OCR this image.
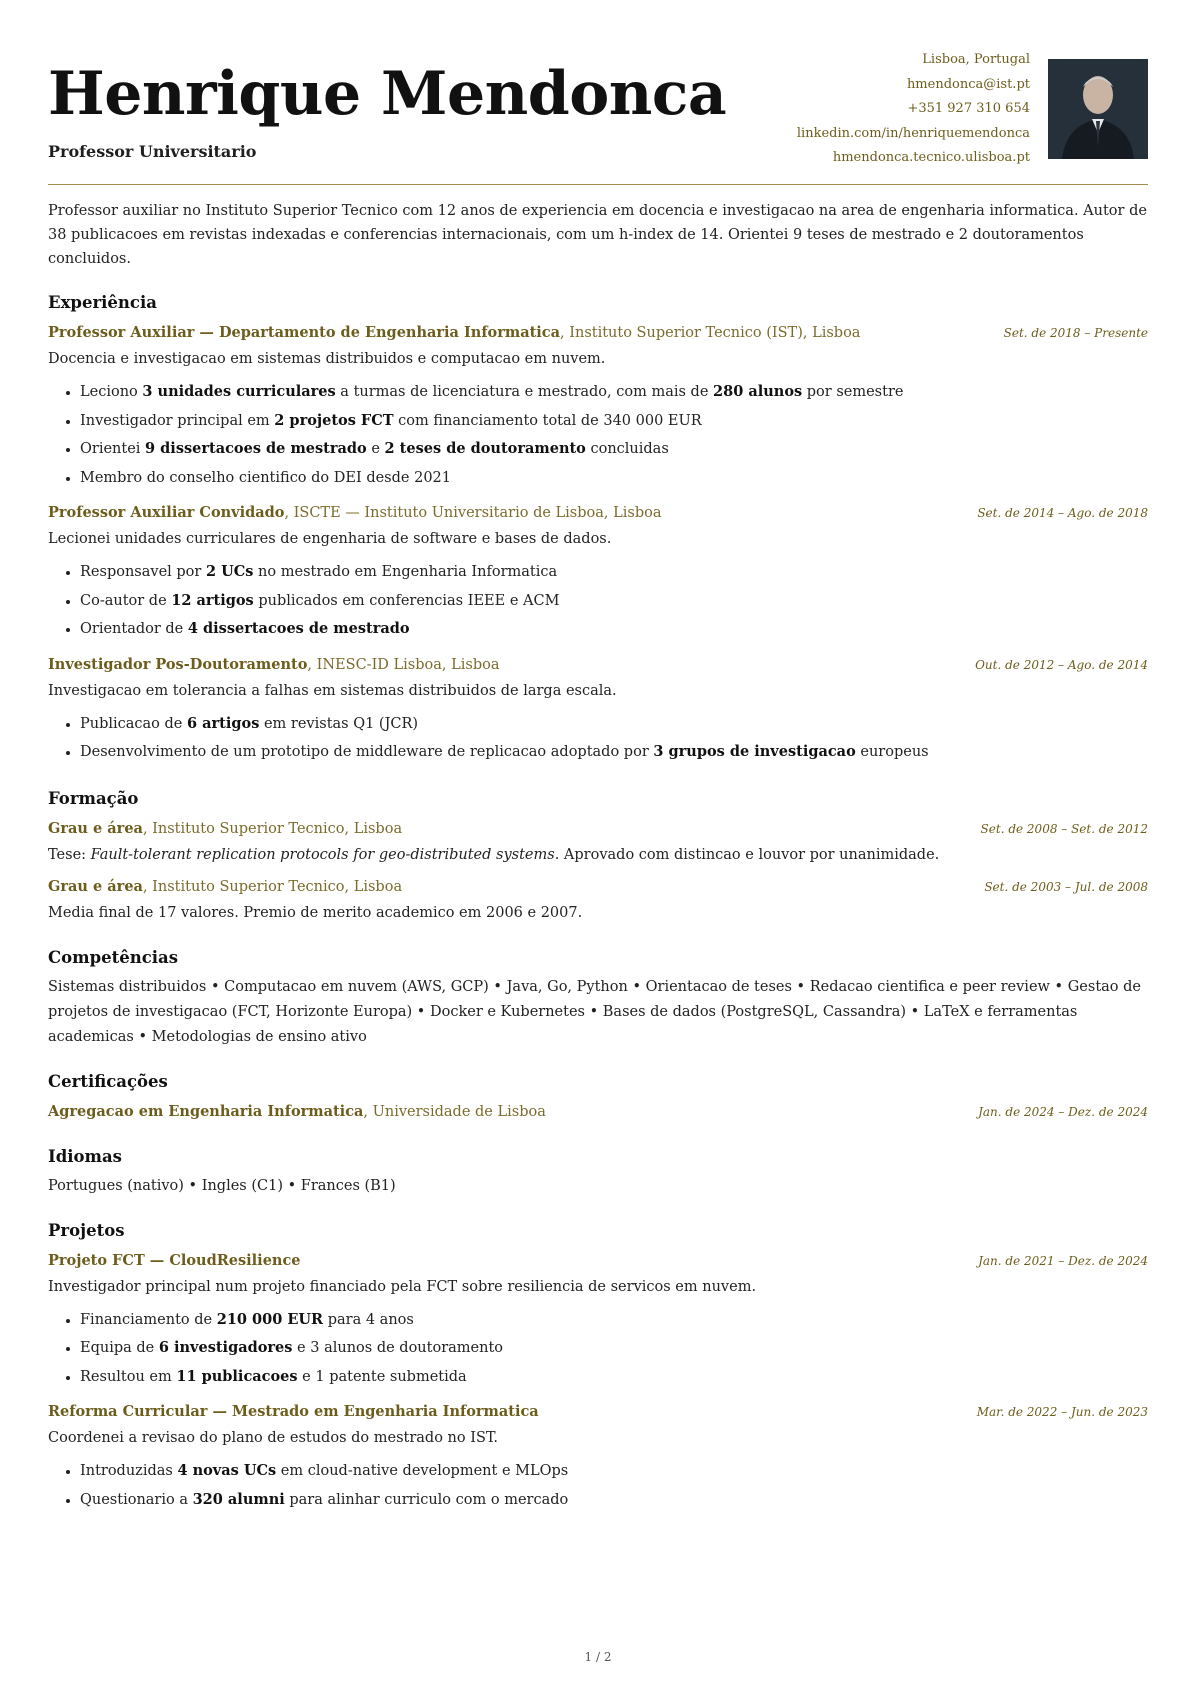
Henrique Mendonca
Professor Universitario
Lisboa, Portugal
hmendonca@ist.pt
+351 927 310 654
linkedin.com/in/henriquemendonca
hmendonca.tecnico.ulisboa.pt

Professor auxiliar no Instituto Superior Tecnico com 12 anos de experiencia em docencia e investigacao na area de engenharia informatica. Autor de 38 publicacoes em revistas indexadas e conferencias internacionais, com um h-index de 14. Orientei 9 teses de mestrado e 2 doutoramentos concluidos.

Experiência
Professor Auxiliar — Departamento de Engenharia Informatica, Instituto Superior Tecnico (IST), Lisboa	Set. de 2018 – Presente

Docencia e investigacao em sistemas distribuidos e computacao em nuvem.

• Leciono 3 unidades curriculares a turmas de licenciatura e mestrado, com mais de 280 alunos por semestre
• Investigador principal em 2 projetos FCT com financiamento total de 340 000 EUR
• Orientei 9 dissertacoes de mestrado e 2 teses de doutoramento concluidas
• Membro do conselho cientifico do DEI desde 2021
Professor Auxiliar Convidado, ISCTE — Instituto Universitario de Lisboa, Lisboa	Set. de 2014 – Ago. de 2018

Lecionei unidades curriculares de engenharia de software e bases de dados.

• Responsavel por 2 UCs no mestrado em Engenharia Informatica
• Co-autor de 12 artigos publicados em conferencias IEEE e ACM
• Orientador de 4 dissertacoes de mestrado
Investigador Pos-Doutoramento, INESC-ID Lisboa, Lisboa	Out. de 2012 – Ago. de 2014

Investigacao em tolerancia a falhas em sistemas distribuidos de larga escala.

• Publicacao de 6 artigos em revistas Q1 (JCR)
• Desenvolvimento de um prototipo de middleware de replicacao adoptado por 3 grupos de investigacao europeus
Formação
Grau e área, Instituto Superior Tecnico, Lisboa	Set. de 2008 – Set. de 2012

Tese: Fault-tolerant replication protocols for geo-distributed systems. Aprovado com distincao e louvor por unanimidade.

Grau e área, Instituto Superior Tecnico, Lisboa	Set. de 2003 – Jul. de 2008

Media final de 17 valores. Premio de merito academico em 2006 e 2007.

Competências

Sistemas distribuidos • Computacao em nuvem (AWS, GCP) • Java, Go, Python • Orientacao de teses • Redacao cientifica e peer review • Gestao de projetos de investigacao (FCT, Horizonte Europa) • Docker e Kubernetes • Bases de dados (PostgreSQL, Cassandra) • LaTeX e ferramentas academicas • Metodologias de ensino ativo

Certificações
Agregacao em Engenharia Informatica, Universidade de Lisboa	Jan. de 2024 – Dez. de 2024
Idiomas

Portugues (nativo) • Ingles (C1) • Frances (B1)

Projetos
Projeto FCT — CloudResilience	Jan. de 2021 – Dez. de 2024

Investigador principal num projeto financiado pela FCT sobre resiliencia de servicos em nuvem.

• Financiamento de 210 000 EUR para 4 anos
• Equipa de 6 investigadores e 3 alunos de doutoramento
• Resultou em 11 publicacoes e 1 patente submetida
Reforma Curricular — Mestrado em Engenharia Informatica	Mar. de 2022 – Jun. de 2023

Coordenei a revisao do plano de estudos do mestrado no IST.

• Introduzidas 4 novas UCs em cloud-native development e MLOps
• Questionario a 320 alumni para alinhar curriculo com o mercado
1 / 2
